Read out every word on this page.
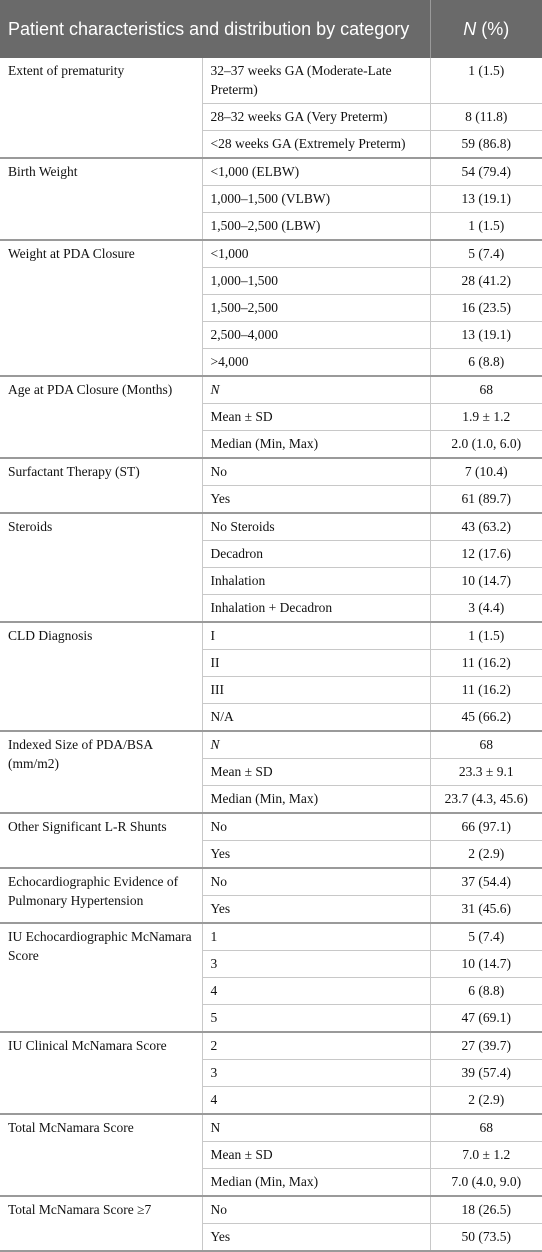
Patient characteristics and distribution by category		N (%)
Extent of prematurity	32–37 weeks GA (Moderate-Late Preterm)	1 (1.5)
	28–32 weeks GA (Very Preterm)	8 (11.8)
	<28 weeks GA (Extremely Preterm)	59 (86.8)
Birth Weight	<1,000 (ELBW)	54 (79.4)
	1,000–1,500 (VLBW)	13 (19.1)
	1,500–2,500 (LBW)	1 (1.5)
Weight at PDA Closure	<1,000	5 (7.4)
	1,000–1,500	28 (41.2)
	1,500–2,500	16 (23.5)
	2,500–4,000	13 (19.1)
	>4,000	6 (8.8)
Age at PDA Closure (Months)	N	68
	Mean ± SD	1.9 ± 1.2
	Median (Min, Max)	2.0 (1.0, 6.0)
Surfactant Therapy (ST)	No	7 (10.4)
	Yes	61 (89.7)
Steroids	No Steroids	43 (63.2)
	Decadron	12 (17.6)
	Inhalation	10 (14.7)
	Inhalation + Decadron	3 (4.4)
CLD Diagnosis	I	1 (1.5)
	II	11 (16.2)
	III	11 (16.2)
	N/A	45 (66.2)
Indexed Size of PDA/BSA (mm/m2)	N	68
	Mean ± SD	23.3 ± 9.1
	Median (Min, Max)	23.7 (4.3, 45.6)
Other Significant L-R Shunts	No	66 (97.1)
	Yes	2 (2.9)
Echocardiographic Evidence of Pulmonary Hypertension	No	37 (54.4)
	Yes	31 (45.6)
IU Echocardiographic McNamara Score	1	5 (7.4)
	3	10 (14.7)
	4	6 (8.8)
	5	47 (69.1)
IU Clinical McNamara Score	2	27 (39.7)
	3	39 (57.4)
	4	2 (2.9)
Total McNamara Score	N	68
	Mean ± SD	7.0 ± 1.2
	Median (Min, Max)	7.0 (4.0, 9.0)
Total McNamara Score ≥7	No	18 (26.5)
	Yes	50 (73.5)
